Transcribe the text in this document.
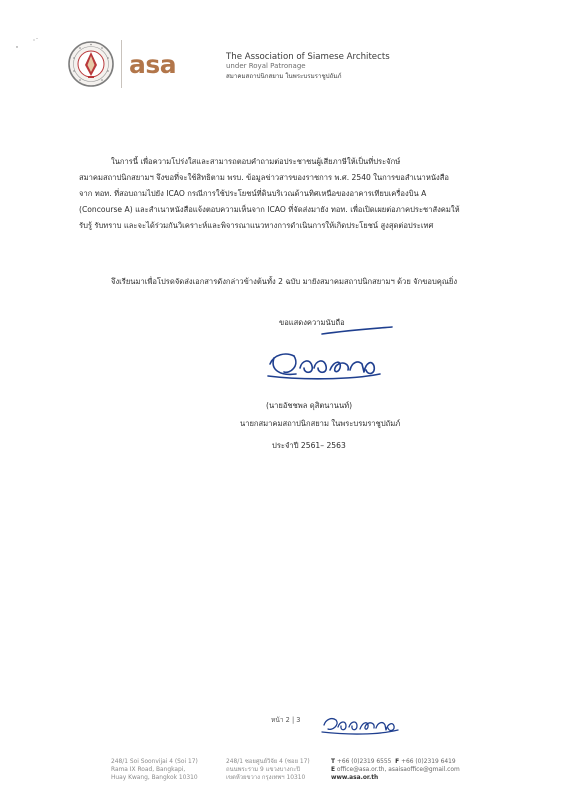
asa	The Association of Siamese Architects
under Royal Patronage
สมาคมสถาปนิกสยาม ในพระบรมราชูปถัมภ์
ในการนี้ เพื่อความโปร่งใสและสามารถตอบคำถามต่อประชาชนผู้เสียภาษีให้เป็นที่ประจักษ์
สมาคมสถาปนิกสยามฯ จึงขอที่จะใช้สิทธิตาม พรบ. ข้อมูลข่าวสารของราชการ พ.ศ. 2540 ในการขอสำเนาหนังสือ
จาก ทอท. ที่สอบถามไปยัง ICAO กรณีการใช้ประโยชน์ที่ดินบริเวณด้านทิศเหนือของอาคารเทียบเครื่องบิน A
(Concourse A) และสำเนาหนังสือแจ้งตอบความเห็นจาก ICAO ที่จัดส่งมายัง ทอท. เพื่อเปิดเผยต่อภาคประชาสังคมให้
รับรู้ รับทราบ และจะได้ร่วมกันวิเคราะห์และพิจารณาแนวทางการดำเนินการให้เกิดประโยชน์ สูงสุดต่อประเทศ
จึงเรียนมาเพื่อโปรดจัดส่งเอกสารดังกล่าวข้างต้นทั้ง 2 ฉบับ มายังสมาคมสถาปนิกสยามฯ ด้วย จักขอบคุณยิ่ง
ขอแสดงความนับถือ
(นายอัชชพล ดุสิตนานนท์)
นายกสมาคมสถาปนิกสยาม ในพระบรมราชูปถัมภ์
ประจำปี 2561– 2563
หน้า 2 | 3
248/1 Soi Soonvijai 4 (Soi 17)
Rama IX Road, Bangkapi,
Huay Kwang, Bangkok 10310
248/1 ซอยศูนย์วิจัย 4 (ซอย 17)
ถนนพระราม 9 แขวงบางกะปิ
เขตห้วยขวาง กรุงเทพฯ 10310
T +66 (0)2319 6555 F +66 (0)2319 6419
E office@asa.or.th, asaisaoffice@gmail.com
www.asa.or.th
